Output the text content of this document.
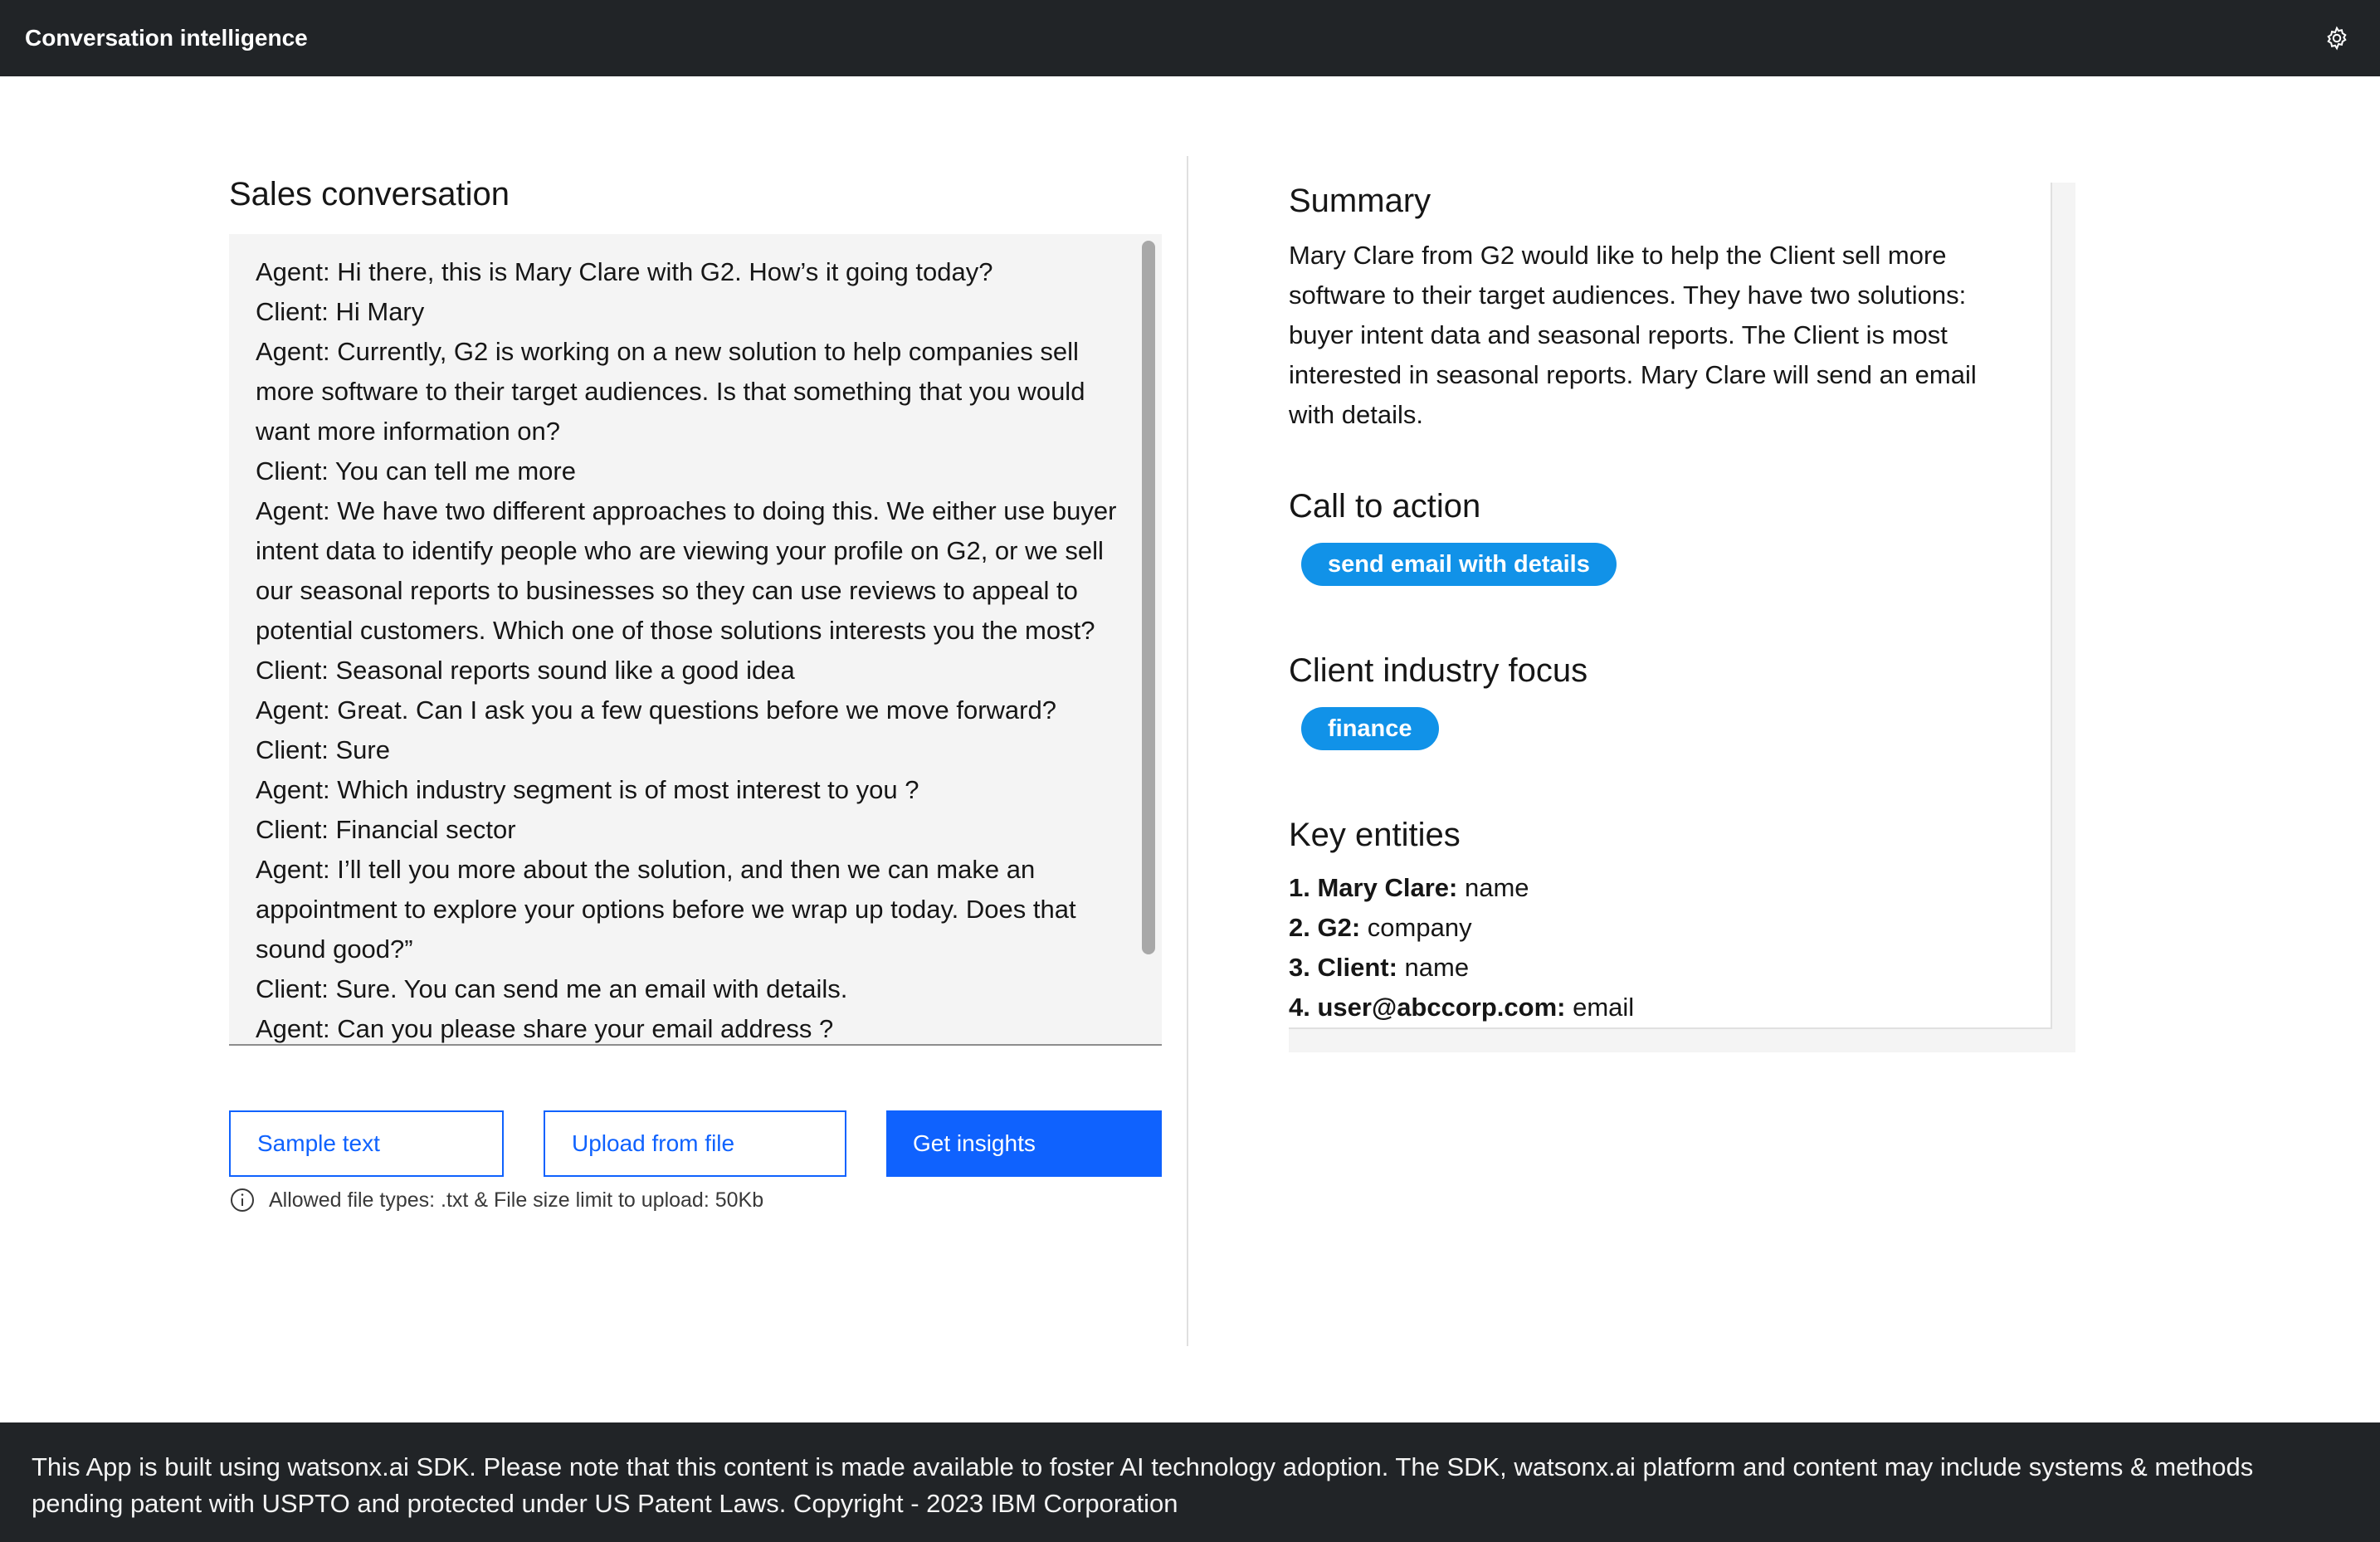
Conversation intelligence
Sales conversation
Agent: Hi there, this is Mary Clare with G2. How’s it going today?
Client: Hi Mary
Agent: Currently, G2 is working on a new solution to help companies sell more software to their target audiences. Is that something that you would want more information on?
Client: You can tell me more
Agent: We have two different approaches to doing this. We either use buyer intent data to identify people who are viewing your profile on G2, or we sell our seasonal reports to businesses so they can use reviews to appeal to potential customers. Which one of those solutions interests you the most?
Client: Seasonal reports sound like a good idea
Agent: Great. Can I ask you a few questions before we move forward?
Client: Sure
Agent: Which industry segment is of most interest to you ?
Client: Financial sector
Agent: I’ll tell you more about the solution, and then we can make an appointment to explore your options before we wrap up today. Does that sound good?”
Client: Sure. You can send me an email with details.
Agent: Can you please share your email address ?
Sample text	Upload from file	Get insights
Allowed file types: .txt & File size limit to upload: 50Kb
Summary
Mary Clare from G2 would like to help the Client sell more software to their target audiences. They have two solutions: buyer intent data and seasonal reports. The Client is most interested in seasonal reports. Mary Clare will send an email with details.
Call to action
send email with details
Client industry focus
finance
Key entities
1. Mary Clare: name
2. G2: company
3. Client: name
4. user@abccorp.com: email
This App is built using watsonx.ai SDK. Please note that this content is made available to foster AI technology adoption. The SDK, watsonx.ai platform and content may include systems & methods pending patent with USPTO and protected under US Patent Laws. Copyright - 2023 IBM Corporation
